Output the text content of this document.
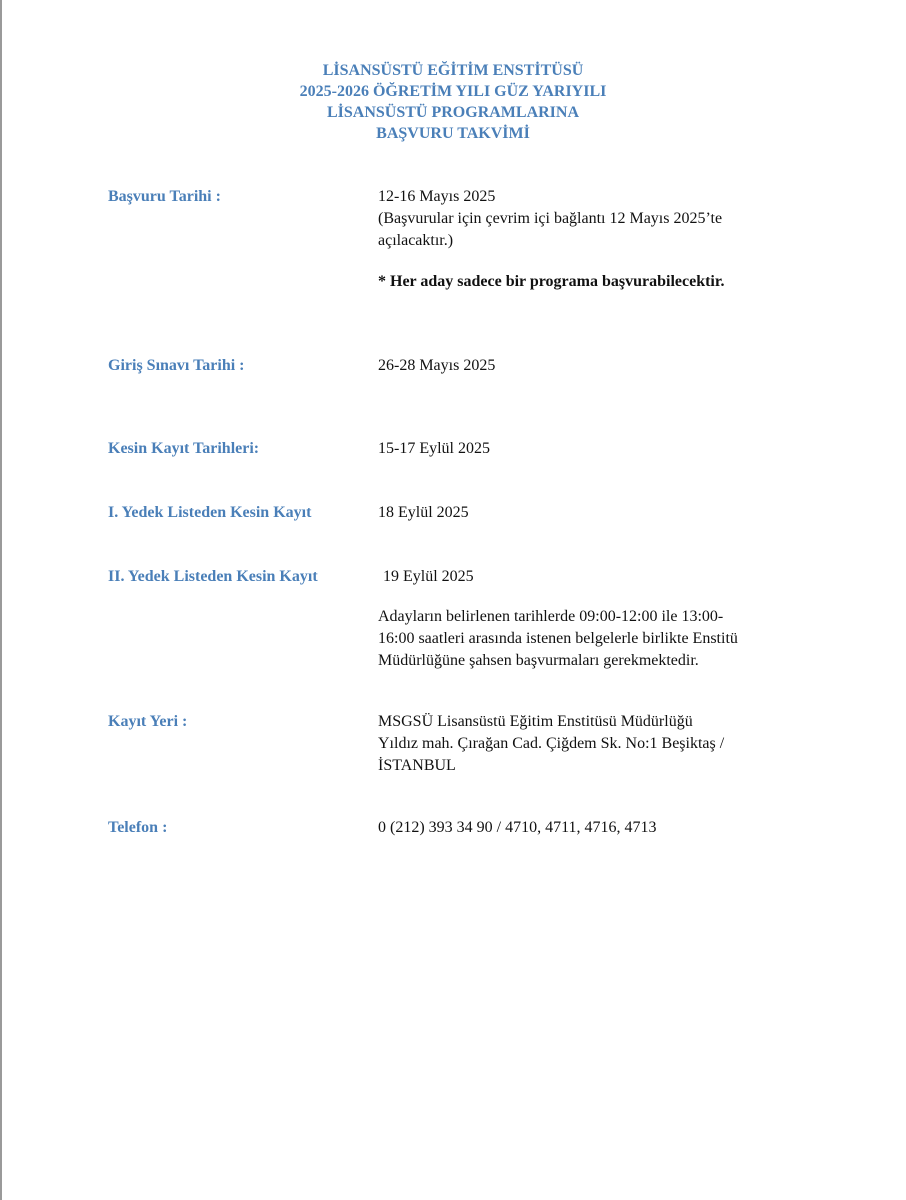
LİSANSÜSTÜ EĞİTİM ENSTİTÜSÜ
2025-2026 ÖĞRETİM YILI GÜZ YARIYILI
LİSANSÜSTÜ PROGRAMLARINA
BAŞVURU TAKVİMİ
Başvuru Tarihi :	12-16 Mayıs 2025
(Başvurular için çevrim içi bağlantı 12 Mayıs 2025’te
açılacaktır.)
* Her aday sadece bir programa başvurabilecektir.
Giriş Sınavı Tarihi :	26-28 Mayıs 2025
Kesin Kayıt Tarihleri:	15-17 Eylül 2025
I. Yedek Listeden Kesin Kayıt	18 Eylül 2025
II. Yedek Listeden Kesin Kayıt	19 Eylül 2025
Adayların belirlenen tarihlerde 09:00-12:00 ile 13:00-
16:00 saatleri arasında istenen belgelerle birlikte Enstitü
Müdürlüğüne şahsen başvurmaları gerekmektedir.
Kayıt Yeri :	MSGSÜ Lisansüstü Eğitim Enstitüsü Müdürlüğü
Yıldız mah. Çırağan Cad. Çiğdem Sk. No:1 Beşiktaş /
İSTANBUL
Telefon :	0 (212) 393 34 90 / 4710, 4711, 4716, 4713
